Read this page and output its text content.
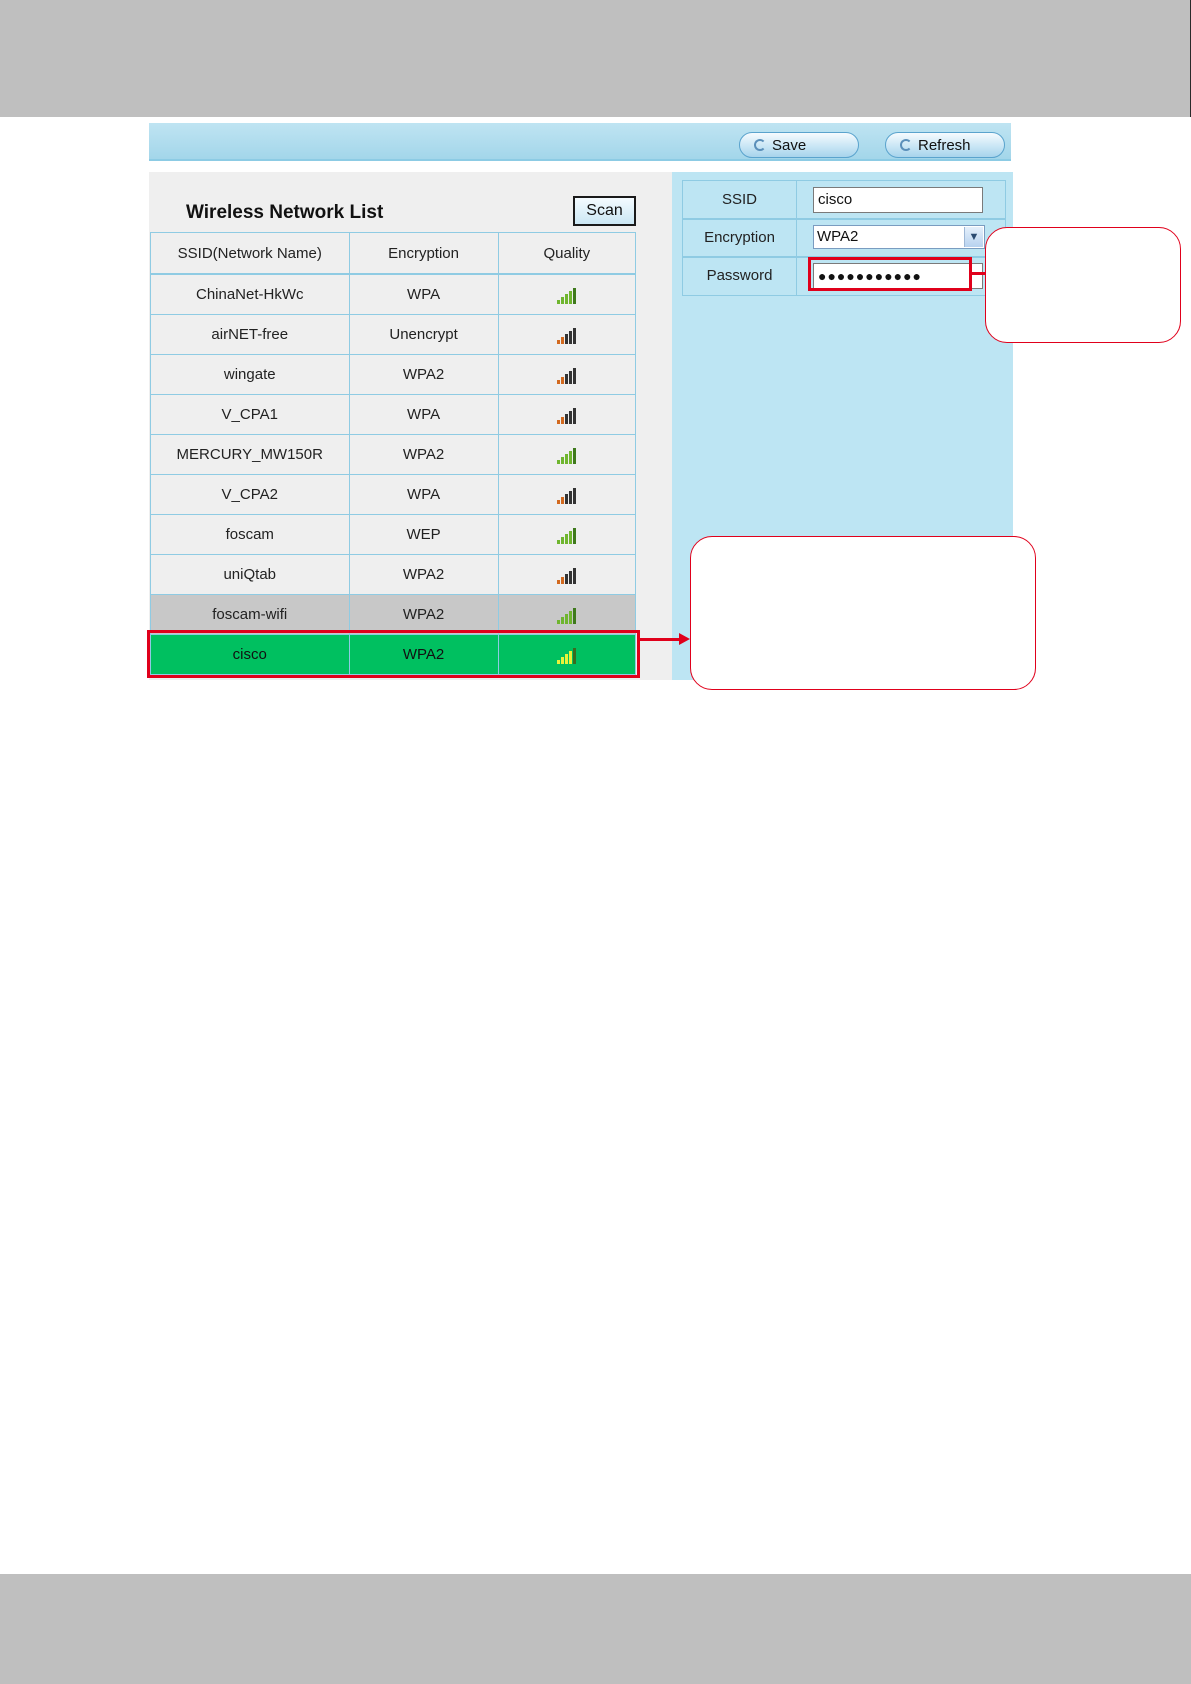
Save	Refresh
Wireless Network List	Scan
SSID(Network Name)	Encryption	Quality
ChinaNet-HkWc	WPA	
airNET-free	Unencrypt	
wingate	WPA2	
V_CPA1	WPA	
MERCURY_MW150R	WPA2	
V_CPA2	WPA	
foscam	WEP	
uniQtab	WPA2	
foscam-wifi	WPA2	
cisco	WPA2	
SSID	cisco
Encryption	WPA2	▼
Password	●●●●●●●●●●●
